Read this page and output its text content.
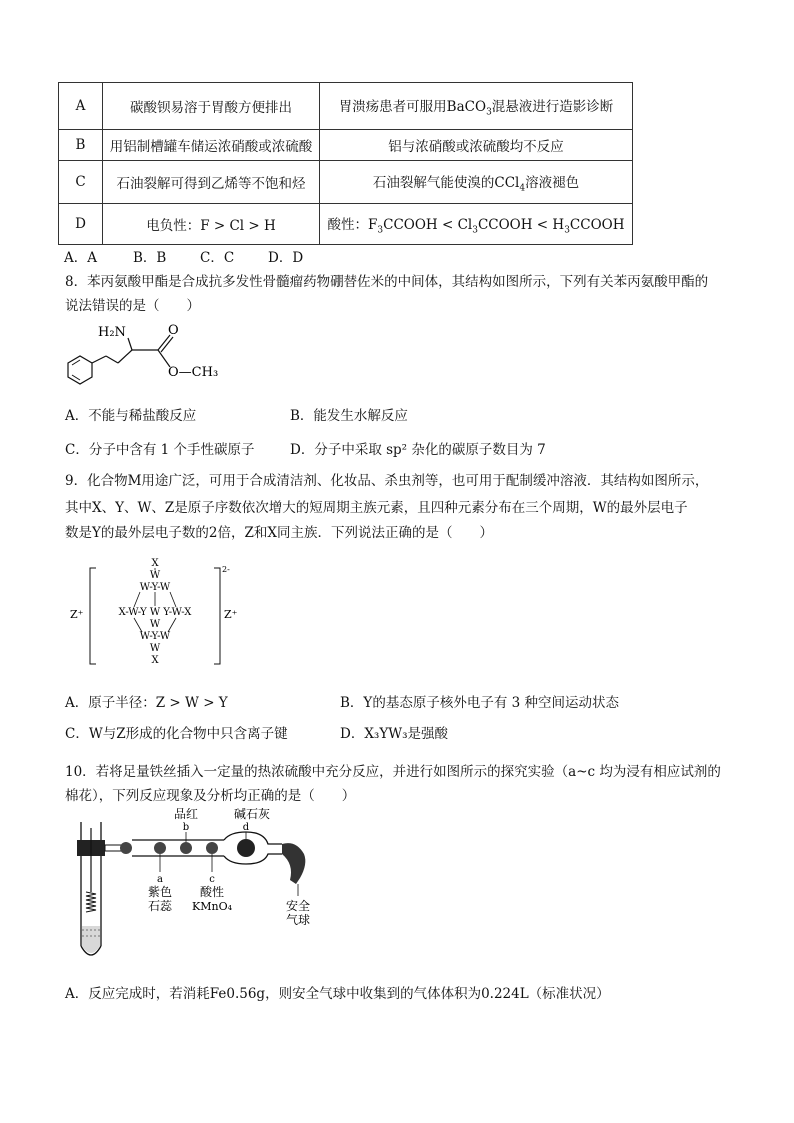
A	碳酸钡易溶于胃酸方便排出	胃溃疡患者可服用BaCO$_3$混悬液进行造影诊断
B	用铝制槽罐车储运浓硝酸或浓硫酸	铝与浓硝酸或浓硫酸均不反应
C	石油裂解可得到乙烯等不饱和烃	石油裂解气能使溴的CCl$_4$溶液褪色
D	电负性：F > Cl > H	酸性：$F_3CCOOH$ < $Cl_3CCOOH$ < $H_3CCOOH$
A．A	B．B C．C	D．D
8．苯丙氨酸甲酯是合成抗多发性骨髓瘤药物硼替佐米的中间体，其结构如图所示，下列有关苯丙氨酸甲酯的
说法错误的是（　　）
H₂N	O
O—CH₃
A．不能与稀盐酸反应	B．能发生水解反应
C．分子中含有 1 个手性碳原子	D．分子中采取 sp² 杂化的碳原子数目为 7
9．化合物M用途广泛，可用于合成清洁剂、化妆品、杀虫剂等，也可用于配制缓冲溶液．其结构如图所示，
其中X、Y、W、Z是原子序数依次增大的短周期主族元素，且四种元素分布在三个周期，W的最外层电子
数是Y的最外层电子数的2倍，Z和X同主族．下列说法正确的是（　　）
2-
Z⁺	Z⁺
X
W
W-Y-W
X-W-Y W Y-W-X
W
W-Y-W
W
X
A．原子半径：Z > W > Y	B．Y的基态原子核外电子有 3 种空间运动状态
C．W与Z形成的化合物中只含离子键	D．X₃YW₃是强酸
10．若将足量铁丝插入一定量的热浓硫酸中充分反应，并进行如图所示的探究实验（a~c 均为浸有相应试剂的
棉花），下列反应现象及分析均正确的是（　　）
品红
b
碱石灰
d
a
紫色
石蕊
c
酸性
KMnO₄	安全
气球
A．反应完成时，若消耗Fe0.56g，则安全气球中收集到的气体体积为0.224L（标准状况）
